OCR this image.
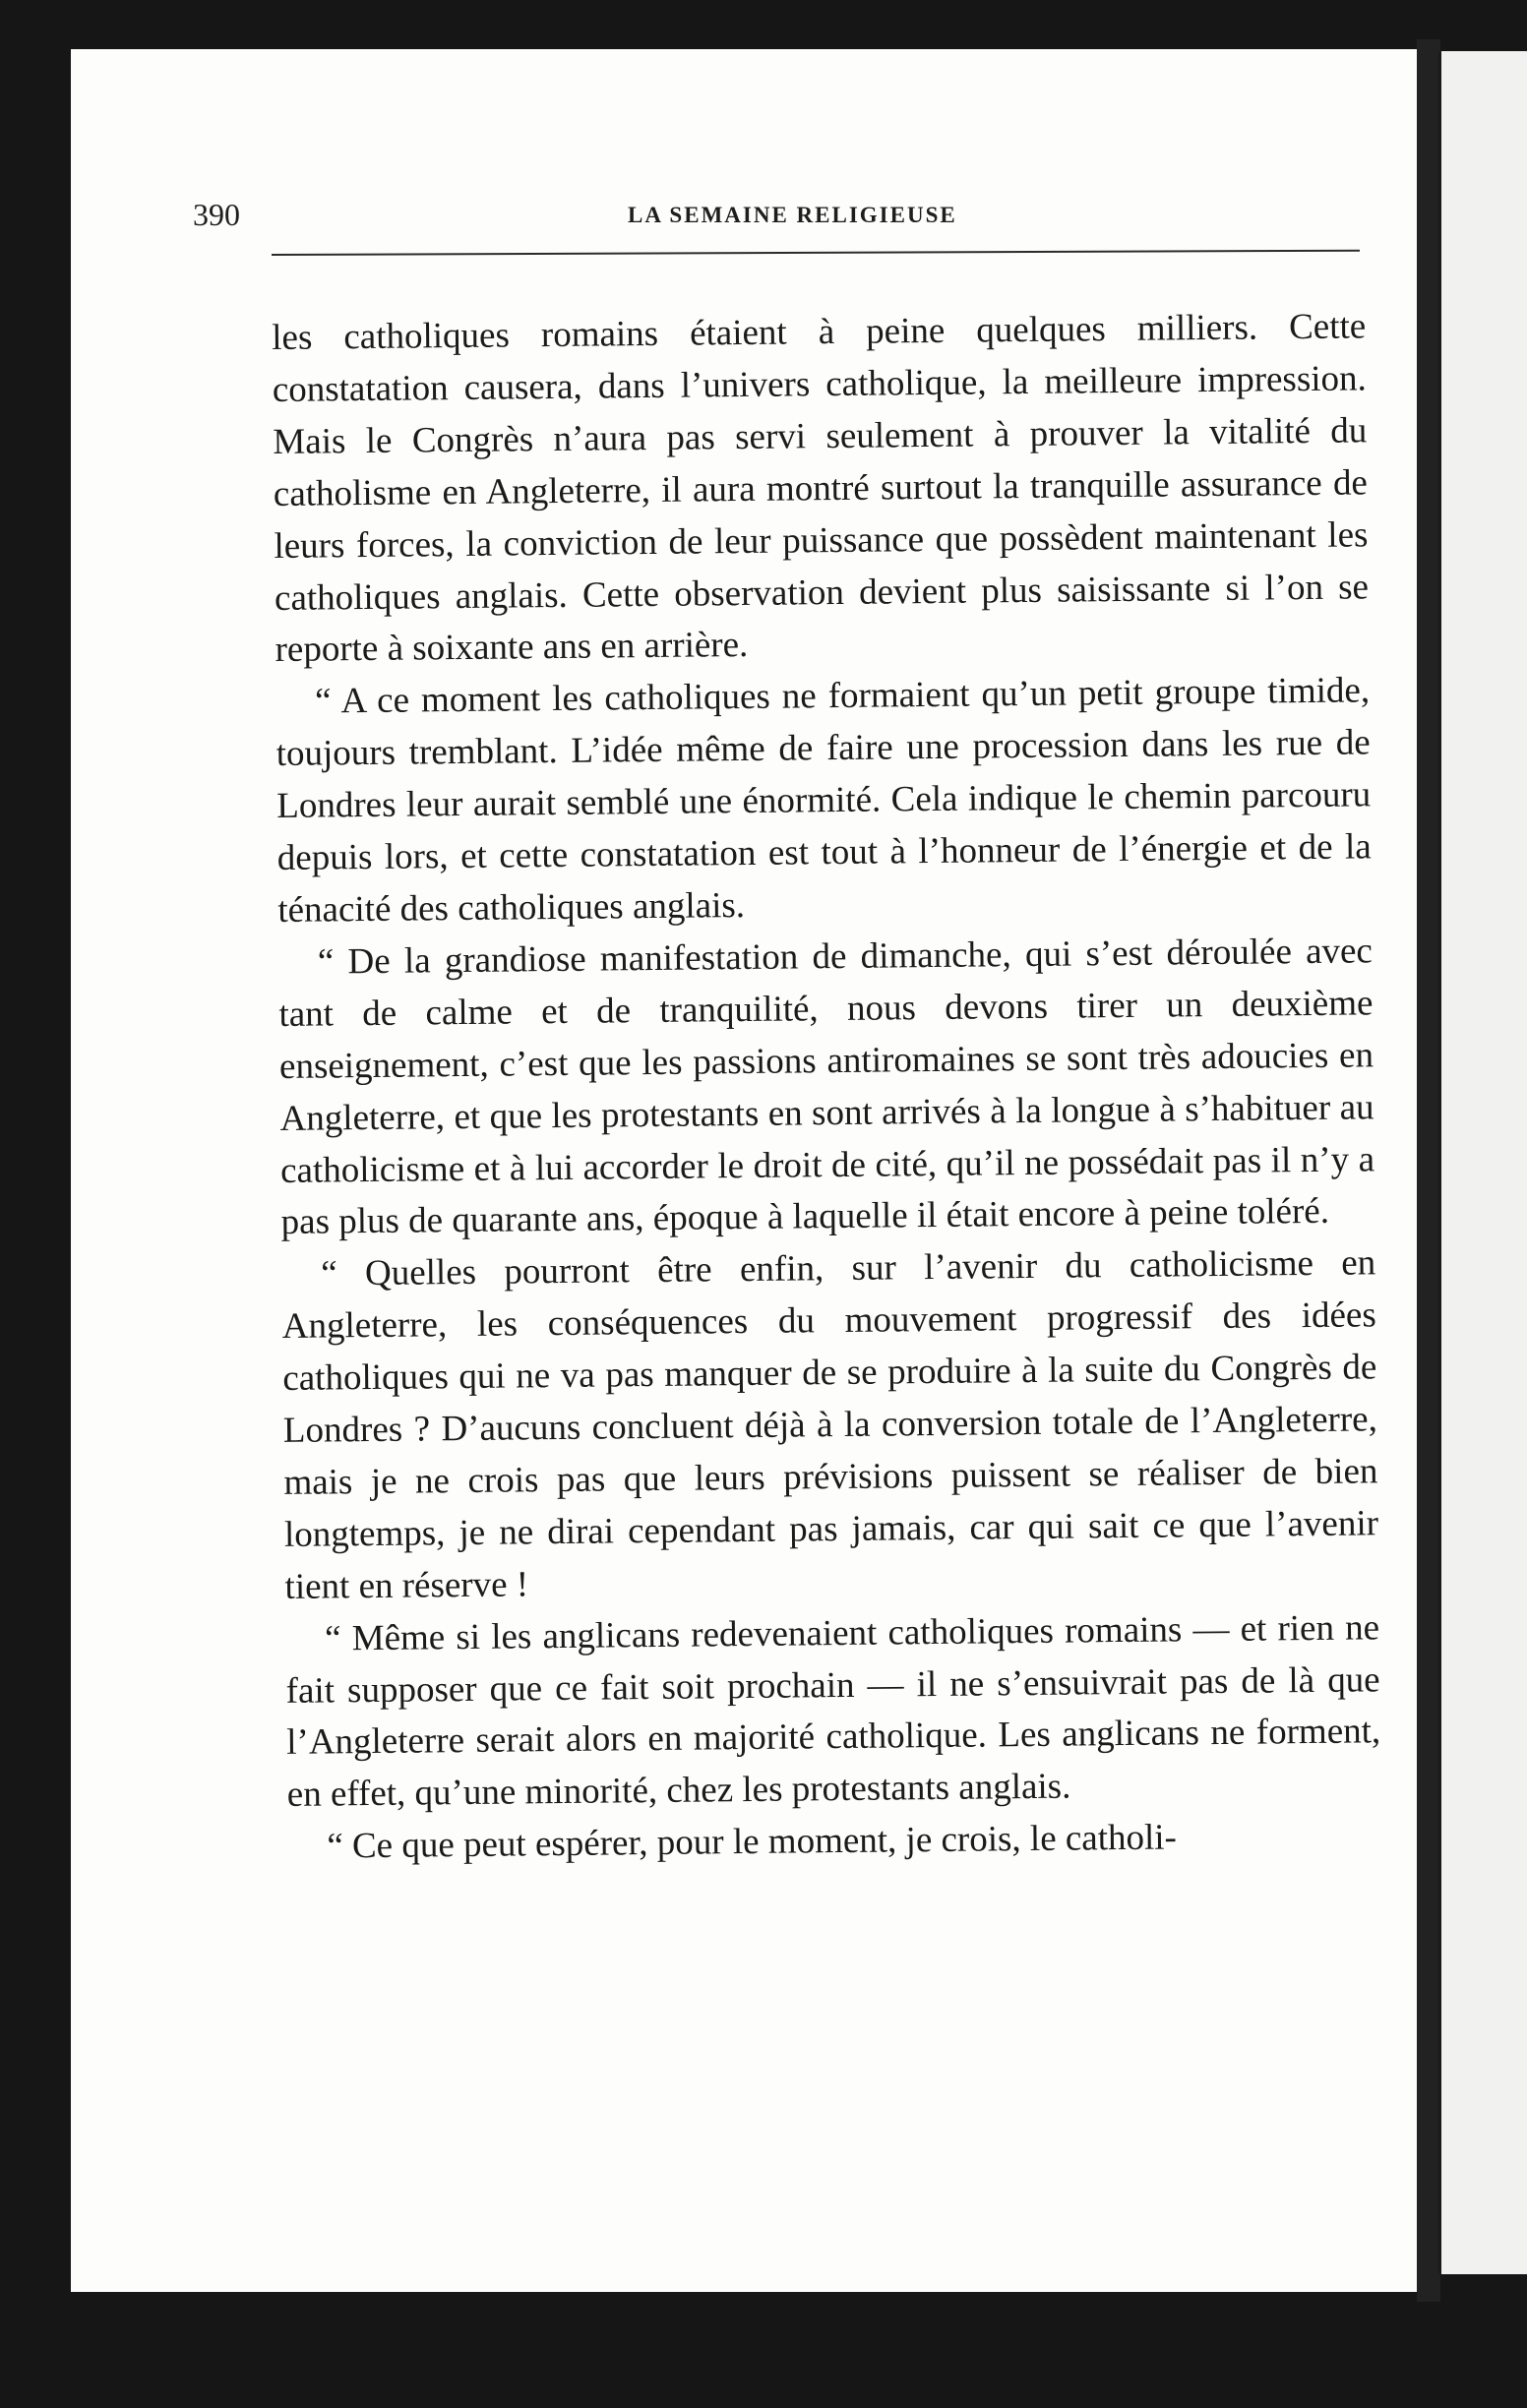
390	LA SEMAINE RELIGIEUSE

les catholiques romains étaient à peine quelques milliers. Cette constatation causera, dans l’univers catholique, la meilleure impression. Mais le Congrès n’aura pas servi seulement à prouver la vitalité du catholisme en Angleterre, il aura montré surtout la tranquille assurance de leurs forces, la conviction de leur puissance que possèdent maintenant les catholiques anglais. Cette observation devient plus saisissante si l’on se reporte à soixante ans en arrière.

“ A ce moment les catholiques ne formaient qu’un petit groupe timide, toujours tremblant. L’idée même de faire une procession dans les rue de Londres leur aurait semblé une énormité. Cela indique le chemin parcouru depuis lors, et cette constatation est tout à l’honneur de l’énergie et de la ténacité des catholiques anglais.

“ De la grandiose manifestation de dimanche, qui s’est déroulée avec tant de calme et de tranquilité, nous devons tirer un deuxième enseignement, c’est que les passions antiromaines se sont très adoucies en Angleterre, et que les protestants en sont arrivés à la longue à s’habituer au catholicisme et à lui accorder le droit de cité, qu’il ne possédait pas il n’y a pas plus de quarante ans, époque à laquelle il était encore à peine toléré.

“ Quelles pourront être enfin, sur l’avenir du catholicisme en Angleterre, les conséquences du mouvement progressif des idées catholiques qui ne va pas manquer de se produire à la suite du Congrès de Londres ? D’aucuns concluent déjà à la conversion totale de l’Angleterre, mais je ne crois pas que leurs prévisions puissent se réaliser de bien longtemps, je ne dirai cependant pas jamais, car qui sait ce que l’avenir tient en réserve !

“ Même si les anglicans redevenaient catholiques romains — et rien ne fait supposer que ce fait soit prochain — il ne s’ensuivrait pas de là que l’Angleterre serait alors en majorité catholique. Les anglicans ne forment, en effet, qu’une minorité, chez les protestants anglais.

“ Ce que peut espérer, pour le moment, je crois, le catholi-
